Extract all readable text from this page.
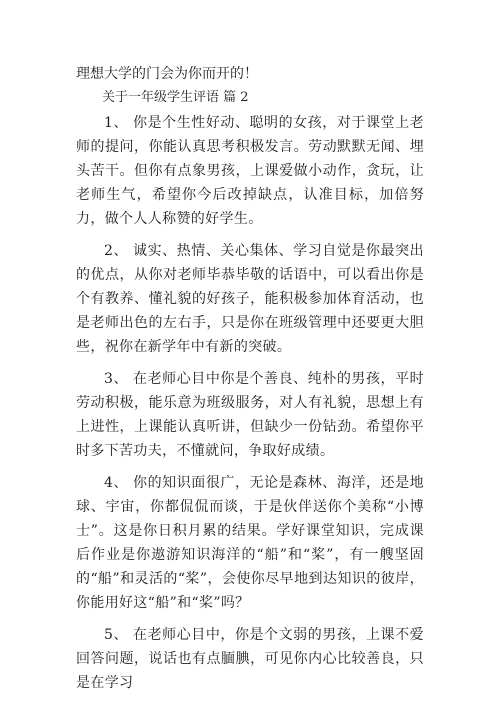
理想大学的门会为你而开的！
关于一年级学生评语 篇 2

1、 你是个生性好动、聪明的女孩，对于课堂上老师的提问，你能认真思考积极发言。劳动默默无闻、埋头苦干。但你有点象男孩，上课爱做小动作，贪玩，让老师生气，希望你今后改掉缺点，认准目标，加倍努力，做个人人称赞的好学生。

2、 诚实、热情、关心集体、学习自觉是你最突出的优点，从你对老师毕恭毕敬的话语中，可以看出你是个有教养、懂礼貌的好孩子，能积极参加体育活动，也是老师出色的左右手，只是你在班级管理中还要更大胆些，祝你在新学年中有新的突破。

3、 在老师心目中你是个善良、纯朴的男孩，平时劳动积极，能乐意为班级服务，对人有礼貌，思想上有上进性，上课能认真听讲，但缺少一份钻劲。希望你平时多下苦功夫，不懂就问，争取好成绩。

4、 你的知识面很广，无论是森林、海洋，还是地球、宇宙，你都侃侃而谈，于是伙伴送你个美称“小博士”。这是你日积月累的结果。学好课堂知识，完成课后作业是你遨游知识海洋的“船”和“桨”，有一艘坚固的“船”和灵活的“桨”，会使你尽早地到达知识的彼岸，你能用好这“船”和“桨”吗？

5、 在老师心目中，你是个文弱的男孩，上课不爱回答问题，说话也有点腼腆，可见你内心比较善良，只是在学习
